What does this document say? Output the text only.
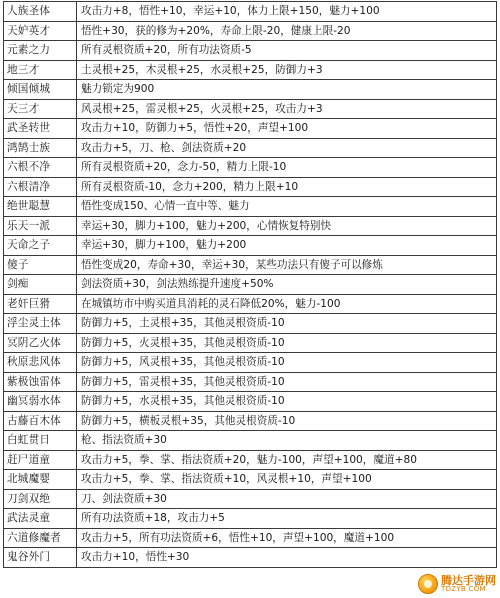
人族圣体	攻击力+8，悟性+10，幸运+10，体力上限+150，魅力+100
天妒英才	悟性+30，获的修为+20%，寿命上限-20，健康上限-20
元素之力	所有灵根资质+20，所有功法资质-5
地三才	土灵根+25，木灵根+25，水灵根+25，防御力+3
倾国倾城	魅力锁定为900
天三才	风灵根+25，雷灵根+25，火灵根+25，攻击力+3
武圣转世	攻击力+10，防御力+5，悟性+20，声望+100
鸿鹄士族	攻击力+5，刀、枪、剑法资质+20
六根不净	所有灵根资质+20，念力-50，精力上限-10
六根清净	所有灵根资质-10，念力+200，精力上限+10
绝世聪慧	悟性变成150、心情一直中等、魅力
乐天一派	幸运+30，脚力+100，魅力+200，心情恢复特别快
天命之子	幸运+30，脚力+100，魅力+200
傻子	悟性变成20，寿命+30，幸运+30，某些功法只有傻子可以修炼
剑痴	剑法资质+30，剑法熟练提升速度+50%
老奸巨猾	在城镇坊市中购买道具消耗的灵石降低20%，魅力-100
浮尘灵土体	防御力+5，土灵根+35，其他灵根资质-10
冥阴乙火体	防御力+5，火灵根+35，其他灵根资质-10
秋原悲风体	防御力+5，风灵根+35，其他灵根资质-10
紫极蚀雷体	防御力+5，雷灵根+35，其他灵根资质-10
幽冥弱水体	防御力+5，水灵根+35，其他灵根资质-10
古藤百木体	防御力+5，横板灵根+35，其他灵根资质-10
白虹贯日	枪、指法资质+30
赶尸道童	攻击力+5，拳、掌、指法资质+20，魅力-100，声望+100，魔道+80
北城魔婴	攻击力+5，拳、掌、指法资质+10，风灵根+10，声望+100
刀剑双绝	刀、剑法资质+30
武法灵童	所有功法资质+18，攻击力+5
六道修魔者	攻击力+5，所有功法资质+6，悟性+10，声望+100，魔道+100
鬼谷外门	攻击力+10，悟性+30
腾达手游网
TDZYB.COM
